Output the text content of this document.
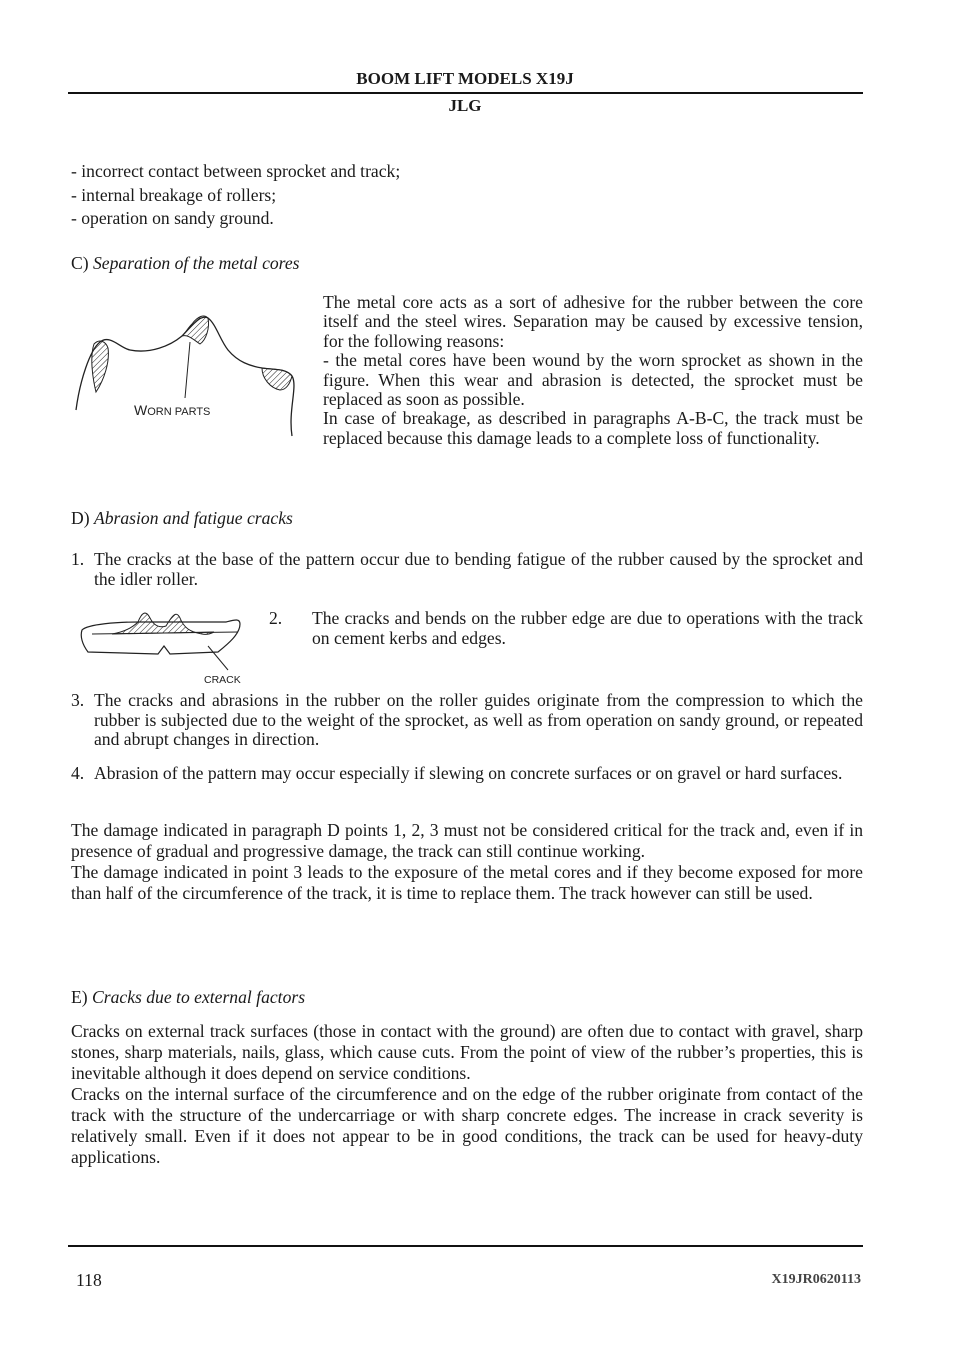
BOOM LIFT MODELS X19J
JLG
- incorrect contact between sprocket and track;
- internal breakage of rollers;
- operation on sandy ground.
C) Separation of the metal cores
WORN PARTS

The metal core acts as a sort of adhesive for the rubber between the core itself and the steel wires. Separation may be caused by excessive tension, for the following reasons:

- the metal cores have been wound by the worn sprocket as shown in the figure. When this wear and abrasion is detected, the sprocket must be replaced as soon as possible.

In case of breakage, as described in paragraphs A-B-C, the track must be replaced because this damage leads to a complete loss of functionality.

D) Abrasion and fatigue cracks
1. The cracks at the base of the pattern occur due to bending fatigue of the rubber caused by the sprocket and the idler roller.
CRACK
2. The cracks and bends on the rubber edge are due to operations with the track on cement kerbs and edges.
3. The cracks and abrasions in the rubber on the roller guides originate from the compression to which the rubber is subjected due to the weight of the sprocket, as well as from operation on sandy ground, or repeated and abrupt changes in direction.
4. Abrasion of the pattern may occur especially if slewing on concrete surfaces or on gravel or hard surfaces.

The damage indicated in paragraph D points 1, 2, 3 must not be considered critical for the track and, even if in presence of gradual and progressive damage, the track can still continue working.

The damage indicated in point 3 leads to the exposure of the metal cores and if they become exposed for more than half of the circumference of the track, it is time to replace them. The track however can still be used.

E) Cracks due to external factors

Cracks on external track surfaces (those in contact with the ground) are often due to contact with gravel, sharp stones, sharp materials, nails, glass, which cause cuts. From the point of view of the rubber’s properties, this is inevitable although it does depend on service conditions.

Cracks on the internal surface of the circumference and on the edge of the rubber originate from contact of the track with the structure of the undercarriage or with sharp concrete edges. The increase in crack severity is relatively small. Even if it does not appear to be in good conditions, the track can be used for heavy-duty applications.

118	X19JR0620113
